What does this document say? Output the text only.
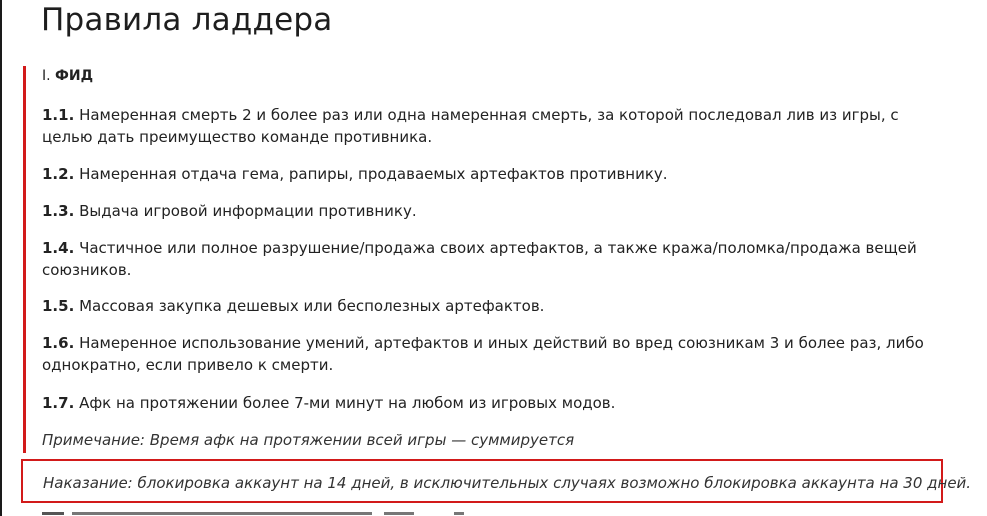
Правила ладдера
I. ФИД
1.1. Намеренная смерть 2 и более раз или одна намеренная смерть, за которой последовал лив из игры, с целью дать преимущество команде противника.
1.2. Намеренная отдача гема, рапиры, продаваемых артефактов противнику.
1.3. Выдача игровой информации противнику.
1.4. Частичное или полное разрушение/продажа своих артефактов, а также кража/поломка/продажа вещей союзников.
1.5. Массовая закупка дешевых или бесполезных артефактов.
1.6. Намеренное использование умений, артефактов и иных действий во вред союзникам 3 и более раз, либо однократно, если привело к смерти.
1.7. Афк на протяжении более 7-ми минут на любом из игровых модов.
Примечание: Время афк на протяжении всей игры — суммируется
Наказание: блокировка аккаунт на 14 дней, в исключительных случаях возможно блокировка аккаунта на 30 дней.
